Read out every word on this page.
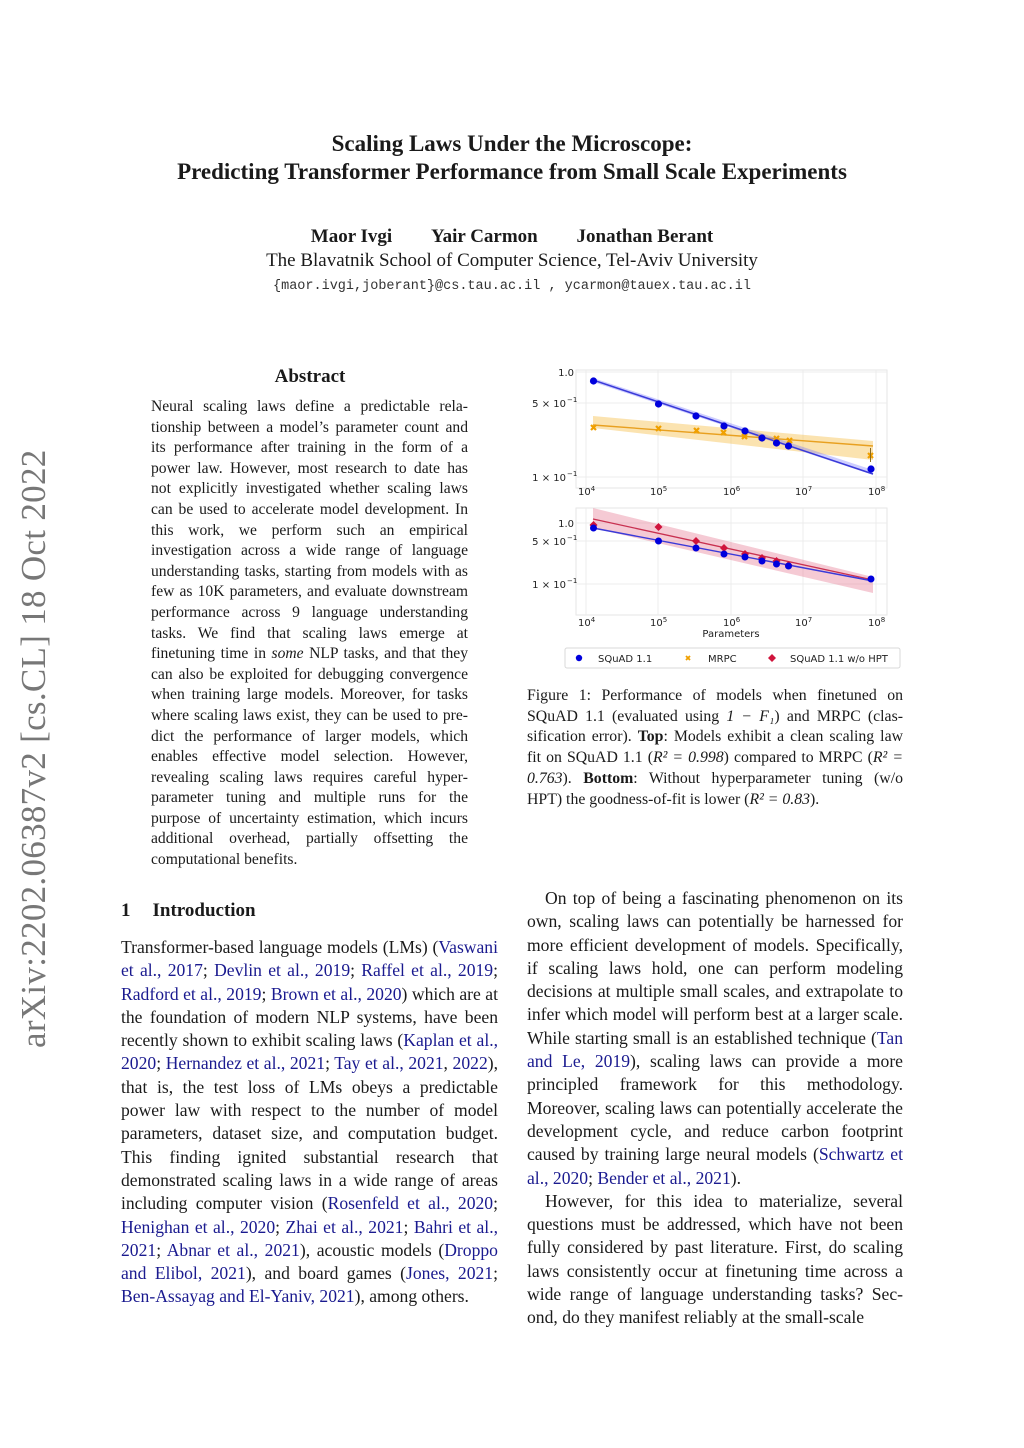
arXiv:2202.06387v2 [cs.CL] 18 Oct 2022
Scaling Laws Under the Microscope:
Predicting Transformer Performance from Small Scale Experiments
Maor Ivgi Yair Carmon Jonathan Berant
The Blavatnik School of Computer Science, Tel-Aviv University
{maor.ivgi,joberant}@cs.tau.ac.il , ycarmon@tauex.tau.ac.il
Abstract
Neural scaling laws define a predictable relationship between a model’s parameter count and its performance after training in the form of a power law. However, most research to date has not explicitly investigated whether scaling laws can be used to accelerate model development. In this work, we perform such an empirical investigation across a wide range of language understanding tasks, starting from models with as few as 10K parameters, and evaluate downstream performance across 9 language understanding tasks. We find that scaling laws emerge at finetuning time in some NLP tasks, and that they can also be exploited for debugging convergence when training large models. Moreover, for tasks where scaling laws exist, they can be used to predict the performance of larger models, which enables effective model selection. However, revealing scaling laws requires careful hyperparameter tuning and multiple runs for the purpose of uncertainty estimation, which incurs additional overhead, partially offsetting the computational benefits.
1 Introduction

Transformer-based language models (LMs) (Vaswani et al., 2017; Devlin et al., 2019; Raffel et al., 2019; Radford et al., 2019; Brown et al., 2020) which are at the foundation of modern NLP systems, have been recently shown to exhibit scaling laws (Kaplan et al., 2020; Hernandez et al., 2021; Tay et al., 2021, 2022), that is, the test loss of LMs obeys a predictable power law with respect to the number of model parameters, dataset size, and computation budget. This finding ignited substantial research that demonstrated scaling laws in a wide range of areas including computer vision (Rosenfeld et al., 2020; Henighan et al., 2020; Zhai et al., 2021; Bahri et al., 2021; Abnar et al., 2021), acoustic models (Droppo and Elibol, 2021), and board games (Jones, 2021; Ben-Assayag and El-Yaniv, 2021), among others.

On top of being a fascinating phenomenon on its own, scaling laws can potentially be harnessed for more efficient development of models. Specifically, if scaling laws hold, one can perform modeling decisions at multiple small scales, and extrapolate to infer which model will perform best at a larger scale. While starting small is an established technique (Tan and Le, 2019), scaling laws can provide a more principled framework for this methodology. Moreover, scaling laws can potentially accelerate the development cycle, and reduce carbon footprint caused by training large neural models (Schwartz et al., 2020; Bender et al., 2021).

However, for this idea to materialize, several questions must be addressed, which have not been fully considered by past literature. First, do scaling laws consistently occur at finetuning time across a wide range of language understanding tasks? Second, do they manifest reliably at the small-scale

1.0
5 × 10 −1
1 × 10 −1
$10^4$	$10^5$	$10^6$	$10^7$	$10^8$
1.0
5 × 10 −1
1 × 10 −1
$10^4$	$10^5$	$10^6$	$10^7$	$10^8$
Parameters
SQuAD 1.1	MRPC	SQuAD 1.1 w/o HPT
Figure 1: Performance of models when finetuned on SQuAD 1.1 (evaluated using 1 − F₁) and MRPC (classification error). Top: Models exhibit a clean scaling law fit on SQuAD 1.1 (R² = 0.998) compared to MRPC (R² = 0.763). Bottom: Without hyperparameter tuning (w/o HPT) the goodness-of-fit is lower (R² = 0.83).
